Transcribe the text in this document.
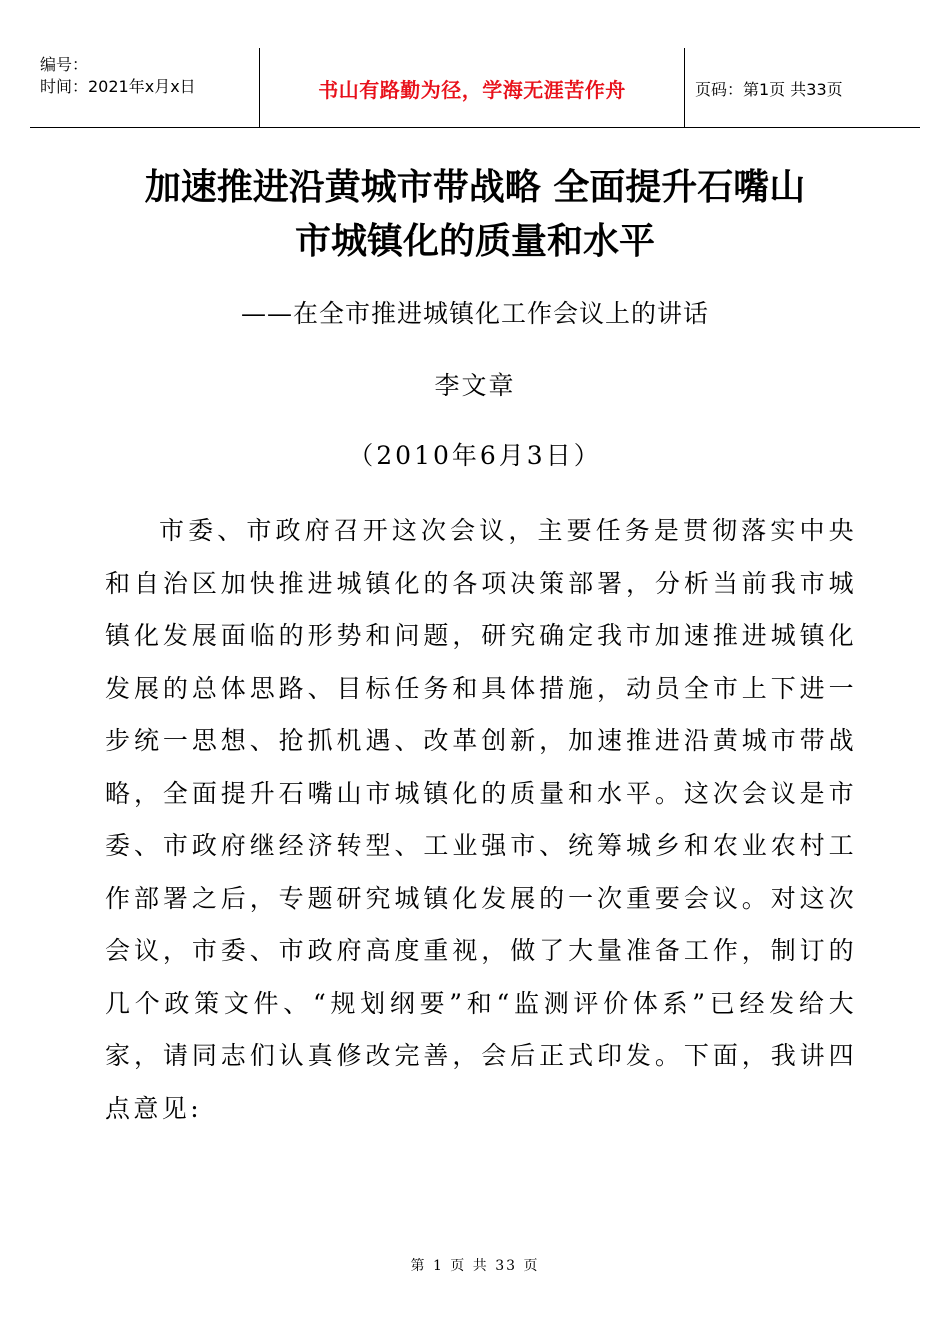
编号：
时间：2021年x月x日	书山有路勤为径，学海无涯苦作舟	页码：第1页 共33页
加速推进沿黄城市带战略 全面提升石嘴山
市城镇化的质量和水平
——在全市推进城镇化工作会议上的讲话
李文章
（2010年6月3日）

市委、市政府召开这次会议，主要任务是贯彻落实中央和自治区加快推进城镇化的各项决策部署，分析当前我市城镇化发展面临的形势和问题，研究确定我市加速推进城镇化发展的总体思路、目标任务和具体措施，动员全市上下进一步统一思想、抢抓机遇、改革创新，加速推进沿黄城市带战略，全面提升石嘴山市城镇化的质量和水平。这次会议是市委、市政府继经济转型、工业强市、统筹城乡和农业农村工作部署之后，专题研究城镇化发展的一次重要会议。对这次会议，市委、市政府高度重视，做了大量准备工作，制订的几个政策文件、“规划纲要”和“监测评价体系”已经发给大家，请同志们认真修改完善，会后正式印发。下面，我讲四点意见:

第 1 页 共 33 页
